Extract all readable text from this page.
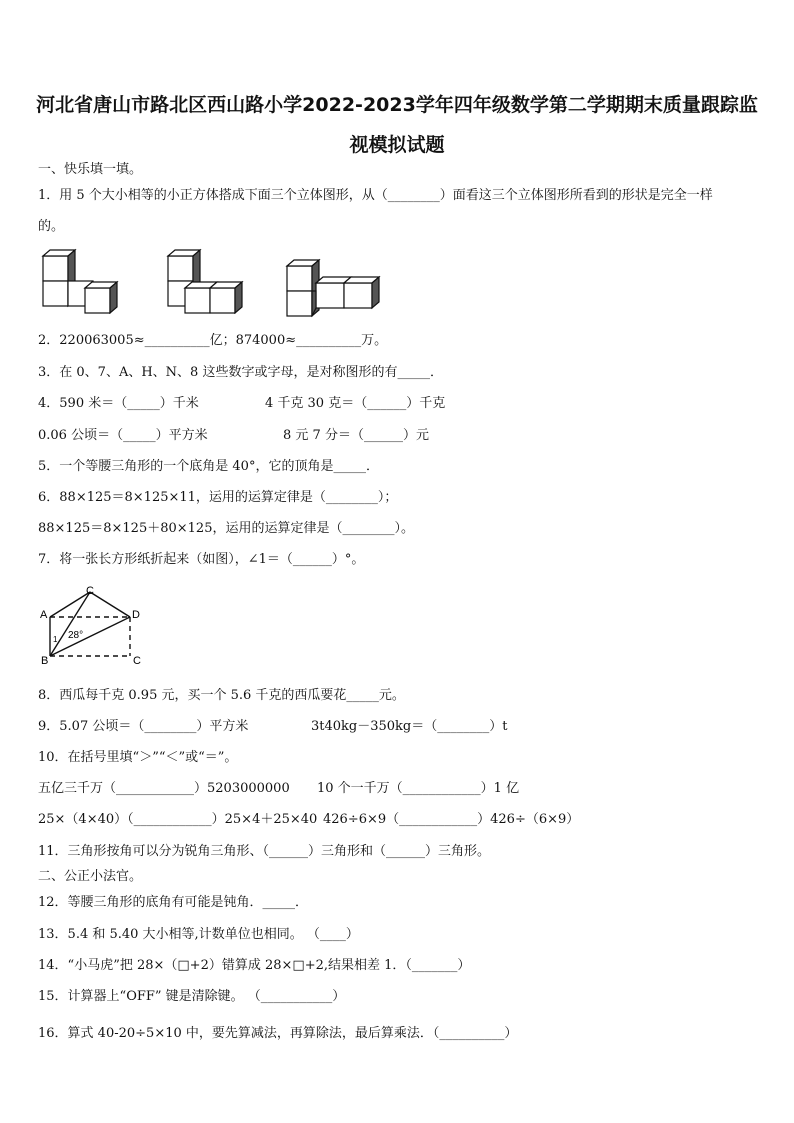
河北省唐山市路北区西山路小学2022-2023学年四年级数学第二学期期末质量跟踪监
视模拟试题
一、快乐填一填。
1．用 5 个大小相等的小正方体搭成下面三个立体图形，从（________）面看这三个立体图形所看到的形状是完全一样
的。
2．220063005≈__________亿；874000≈__________万。
3．在 0、7、A、H、N、8 这些数字或字母，是对称图形的有_____．
4．590 米＝（_____）千米	4 千克 30 克＝（______）千克
0.06 公顷＝（_____）平方米	8 元 7 分＝（______）元
5．一个等腰三角形的一个底角是 40°，它的顶角是_____．
6．88×125＝8×125×11，运用的运算定律是（________）；
88×125＝8×125＋80×125，运用的运算定律是（________）。
7．将一张长方形纸折起来（如图），∠1＝（______）°。
A
B
C
D
C
1 28°
8．西瓜每千克 0.95 元，买一个 5.6 千克的西瓜要花_____元。
9．5.07 公顷＝（________）平方米	3t40kg－350kg＝（________）t
10．在括号里填“＞”“＜”或“＝”。
五亿三千万（____________）5203000000 10 个一千万（____________）1 亿
25×（4×40）（____________）25×4＋25×40 426÷6×9（____________）426÷（6×9）
11．三角形按角可以分为锐角三角形、（______）三角形和（______）三角形。
二、公正小法官。
12．等腰三角形的底角有可能是钝角．_____．
13．5.4 和 5.40 大小相等,计数单位也相同。 （____）
14．“小马虎”把 28×（□+2）错算成 28×□+2,结果相差 1．（_______）
15．计算器上“OFF” 键是清除键。 （___________）
16．算式 40-20÷5×10 中，要先算减法，再算除法，最后算乘法．（__________）
